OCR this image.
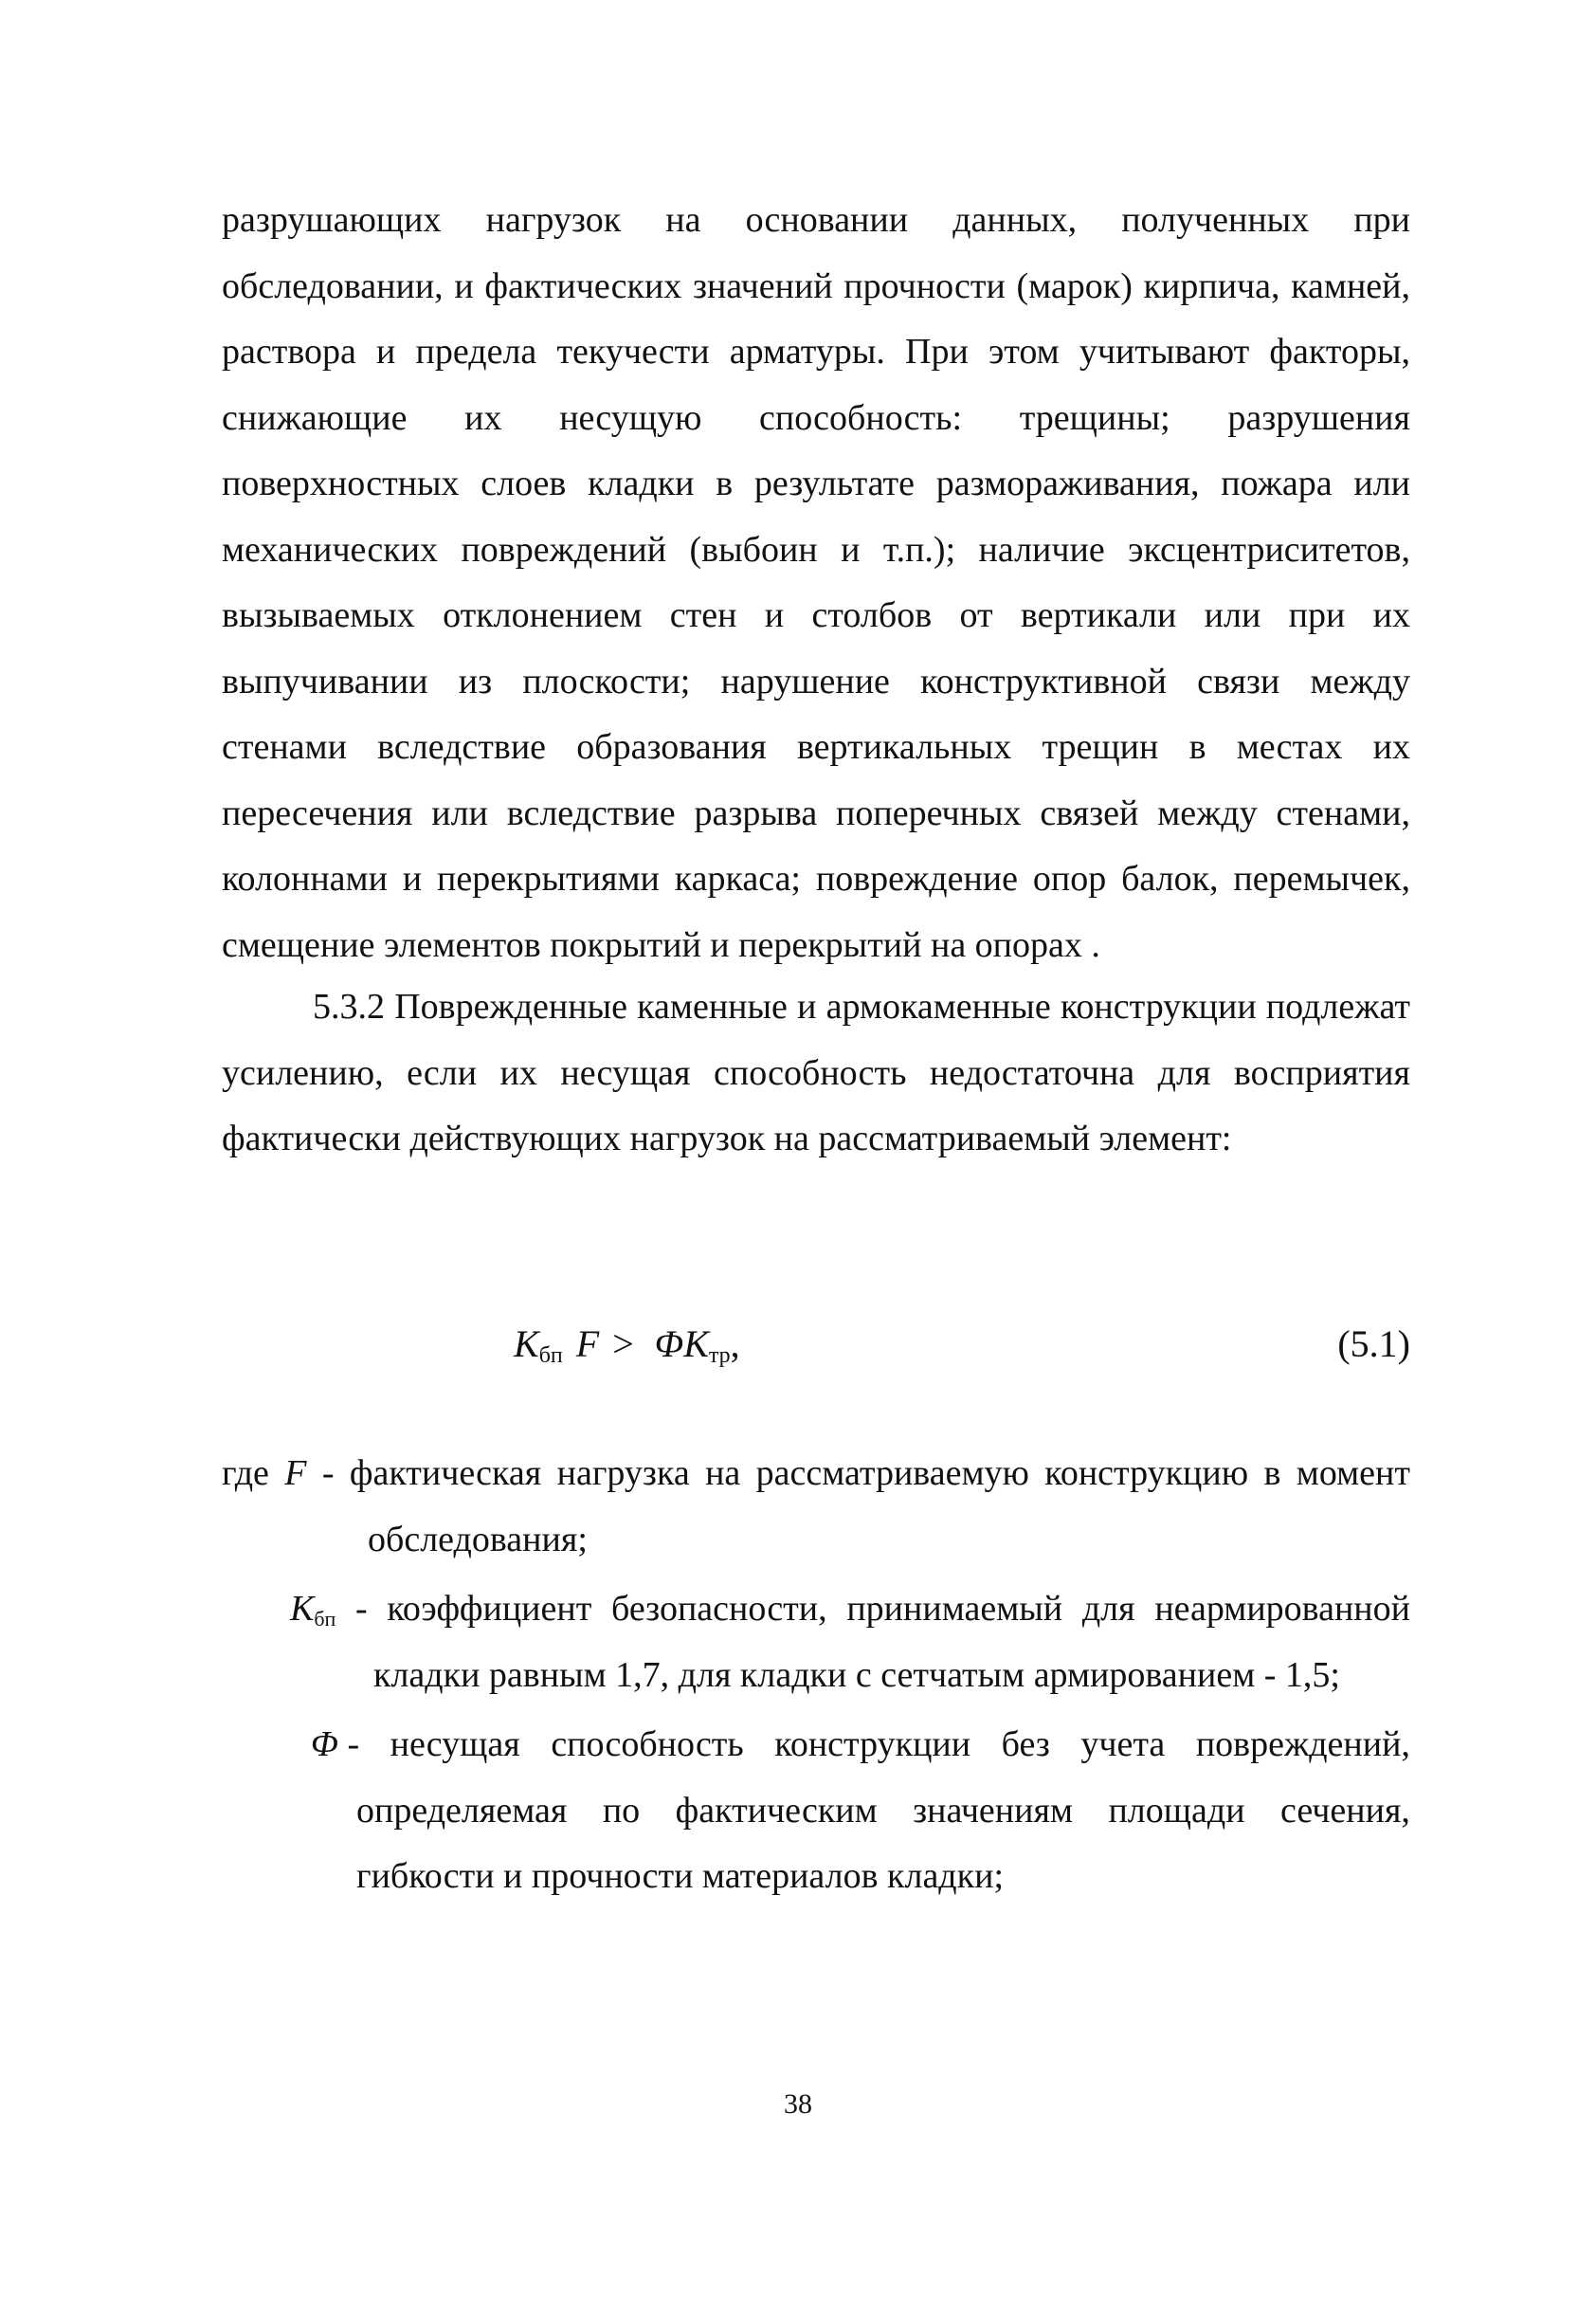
разрушающих нагрузок на основании данных, полученных при обследовании, и фактических значений прочности (марок) кирпича, камней, раствора и предела текучести арматуры. При этом учитывают факторы, снижающие их несущую способность: трещины; разрушения поверхностных слоев кладки в результате размораживания, пожара или механических повреждений (выбоин и т.п.); наличие эксцентриситетов, вызываемых отклонением стен и столбов от вертикали или при их выпучивании из плоскости; нарушение конструктивной связи между стенами вследствие образования вертикальных трещин в местах их пересечения или вследствие разрыва поперечных связей между стенами, колоннами и перекрытиями каркаса; повреждение опор балок, перемычек, смещение элементов покрытий и перекрытий на опорах .

5.3.2 Поврежденные каменные и армокаменные конструкции подлежат усилению, если их несущая способность недостаточна для восприятия фактически действующих нагрузок на рассматриваемый элемент:

$K_{бп}$ $F > \Phi K_{тр}$,	(5.1)
где F - фактическая нагрузка на рассматриваемую конструкцию в момент
обследования;
$K_{бп}$ - коэффициент безопасности, принимаемый для неармированной
кладки равным 1,7, для кладки с сетчатым армированием - 1,5;
Φ - несущая способность конструкции без учета повреждений,
определяемая по фактическим значениям площади сечения,
гибкости и прочности материалов кладки;
38
